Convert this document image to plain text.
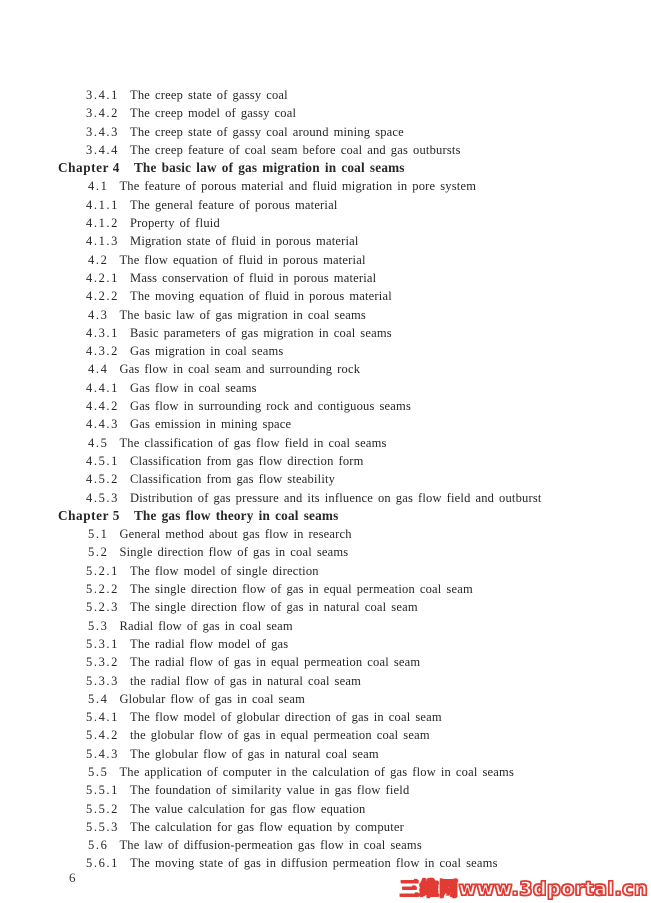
3.4.1 The creep state of gassy coal
3.4.2 The creep model of gassy coal
3.4.3 The creep state of gassy coal around mining space
3.4.4 The creep feature of coal seam before coal and gas outbursts
Chapter 4 The basic law of gas migration in coal seams
4.1 The feature of porous material and fluid migration in pore system
4.1.1 The general feature of porous material
4.1.2 Property of fluid
4.1.3 Migration state of fluid in porous material
4.2 The flow equation of fluid in porous material
4.2.1 Mass conservation of fluid in porous material
4.2.2 The moving equation of fluid in porous material
4.3 The basic law of gas migration in coal seams
4.3.1 Basic parameters of gas migration in coal seams
4.3.2 Gas migration in coal seams
4.4 Gas flow in coal seam and surrounding rock
4.4.1 Gas flow in coal seams
4.4.2 Gas flow in surrounding rock and contiguous seams
4.4.3 Gas emission in mining space
4.5 The classification of gas flow field in coal seams
4.5.1 Classification from gas flow direction form
4.5.2 Classification from gas flow steability
4.5.3 Distribution of gas pressure and its influence on gas flow field and outburst
Chapter 5 The gas flow theory in coal seams
5.1 General method about gas flow in research
5.2 Single direction flow of gas in coal seams
5.2.1 The flow model of single direction
5.2.2 The single direction flow of gas in equal permeation coal seam
5.2.3 The single direction flow of gas in natural coal seam
5.3 Radial flow of gas in coal seam
5.3.1 The radial flow model of gas
5.3.2 The radial flow of gas in equal permeation coal seam
5.3.3 the radial flow of gas in natural coal seam
5.4 Globular flow of gas in coal seam
5.4.1 The flow model of globular direction of gas in coal seam
5.4.2 the globular flow of gas in equal permeation coal seam
5.4.3 The globular flow of gas in natural coal seam
5.5 The application of computer in the calculation of gas flow in coal seams
5.5.1 The foundation of similarity value in gas flow field
5.5.2 The value calculation for gas flow equation
5.5.3 The calculation for gas flow equation by computer
5.6 The law of diffusion-permeation gas flow in coal seams
5.6.1 The moving state of gas in diffusion permeation flow in coal seams
6
三维网www.3dportal.cn
